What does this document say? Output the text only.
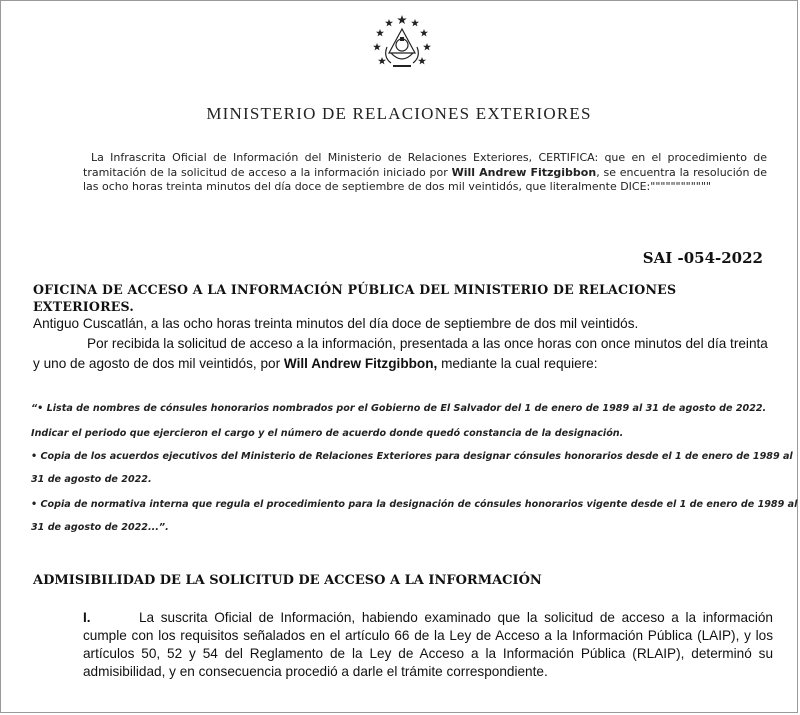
MINISTERIO DE RELACIONES EXTERIORES
La Infrascrita Oficial de Información del Ministerio de Relaciones Exteriores, CERTIFICA: que en el procedimiento de tramitación de la solicitud de acceso a la información iniciado por Will Andrew Fitzgibbon, se encuentra la resolución de las ocho horas treinta minutos del día doce de septiembre de dos mil veintidós, que literalmente DICE:""""""""""""
SAI -054-2022
OFICINA DE ACCESO A LA INFORMACIÓN PÚBLICA DEL MINISTERIO DE RELACIONES EXTERIORES.
Antiguo Cuscatlán, a las ocho horas treinta minutos del día doce de septiembre de dos mil veintidós.
Por recibida la solicitud de acceso a la información, presentada a las once horas con once minutos del día treinta y uno de agosto de dos mil veintidós, por Will Andrew Fitzgibbon, mediante la cual requiere:
“• Lista de nombres de cónsules honorarios nombrados por el Gobierno de El Salvador del 1 de enero de 1989 al 31 de agosto de 2022.
Indicar el periodo que ejercieron el cargo y el número de acuerdo donde quedó constancia de la designación.
• Copia de los acuerdos ejecutivos del Ministerio de Relaciones Exteriores para designar cónsules honorarios desde el 1 de enero de 1989 al
31 de agosto de 2022.
• Copia de normativa interna que regula el procedimiento para la designación de cónsules honorarios vigente desde el 1 de enero de 1989 al
31 de agosto de 2022...”.
ADMISIBILIDAD DE LA SOLICITUD DE ACCESO A LA INFORMACIÓN
I.	La suscrita Oficial de Información, habiendo examinado que la solicitud de acceso a la información cumple con los requisitos señalados en el artículo 66 de la Ley de Acceso a la Información Pública (LAIP), y los artículos 50, 52 y 54 del Reglamento de la Ley de Acceso a la Información Pública (RLAIP), determinó su admisibilidad, y en consecuencia procedió a darle el trámite correspondiente.
